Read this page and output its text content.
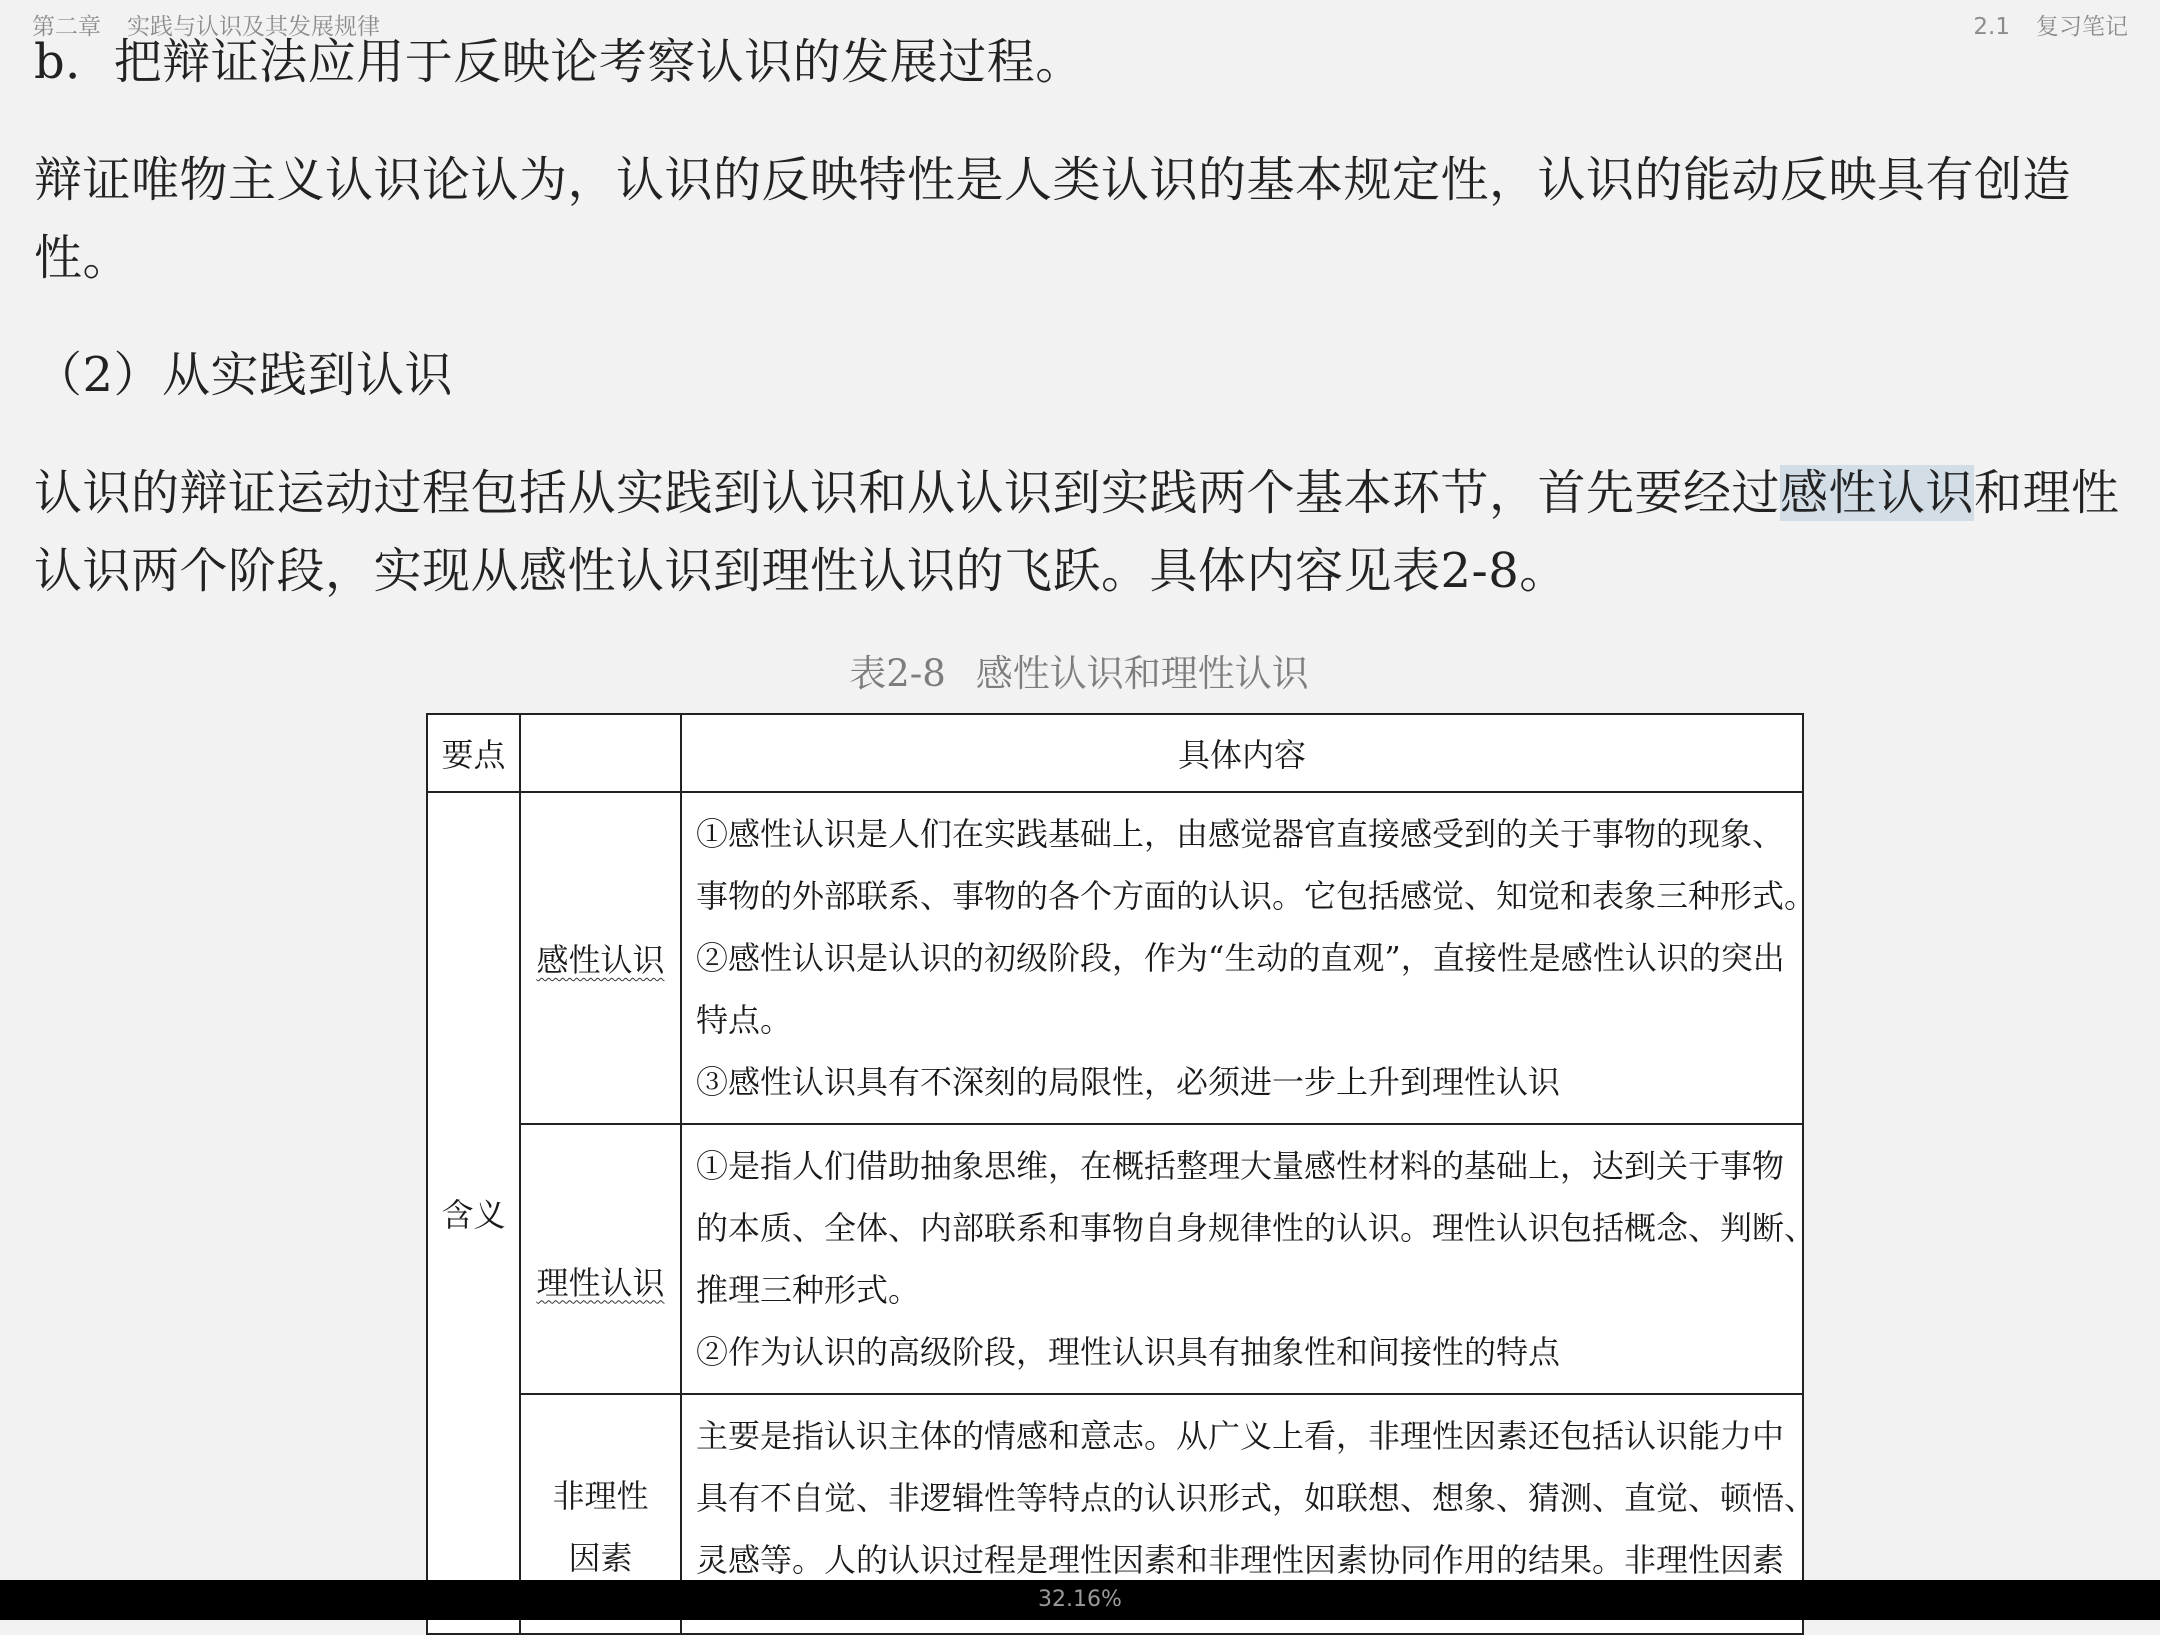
第二章 实践与认识及其发展规律	2.1 复习笔记
b．把辩证法应用于反映论考察认识的发展过程。
辩证唯物主义认识论认为，认识的反映特性是人类认识的基本规定性，认识的能动反映具有创造性。
（2）从实践到认识
认识的辩证运动过程包括从实践到认识和从认识到实践两个基本环节，首先要经过感性认识和理性认识两个阶段，实现从感性认识到理性认识的飞跃。具体内容见表2-8。
表2-8 感性认识和理性认识
要点		具体内容
含义	感性认识	①感性认识是人们在实践基础上，由感觉器官直接感受到的关于事物的现象、
事物的外部联系、事物的各个方面的认识。它包括感觉、知觉和表象三种形式。
②感性认识是认识的初级阶段，作为“生动的直观”，直接性是感性认识的突出
特点。
③感性认识具有不深刻的局限性，必须进一步上升到理性认识

	理性认识	①是指人们借助抽象思维，在概括整理大量感性材料的基础上，达到关于事物
的本质、全体、内部联系和事物自身规律性的认识。理性认识包括概念、判断、
推理三种形式。
②作为认识的高级阶段，理性认识具有抽象性和间接性的特点

	非理性
因素	主要是指认识主体的情感和意志。从广义上看，非理性因素还包括认识能力中
具有不自觉、非逻辑性等特点的认识形式，如联想、想象、猜测、直觉、顿悟、
灵感等。人的认识过程是理性因素和非理性因素协同作用的结果。非理性因素
32.16%
